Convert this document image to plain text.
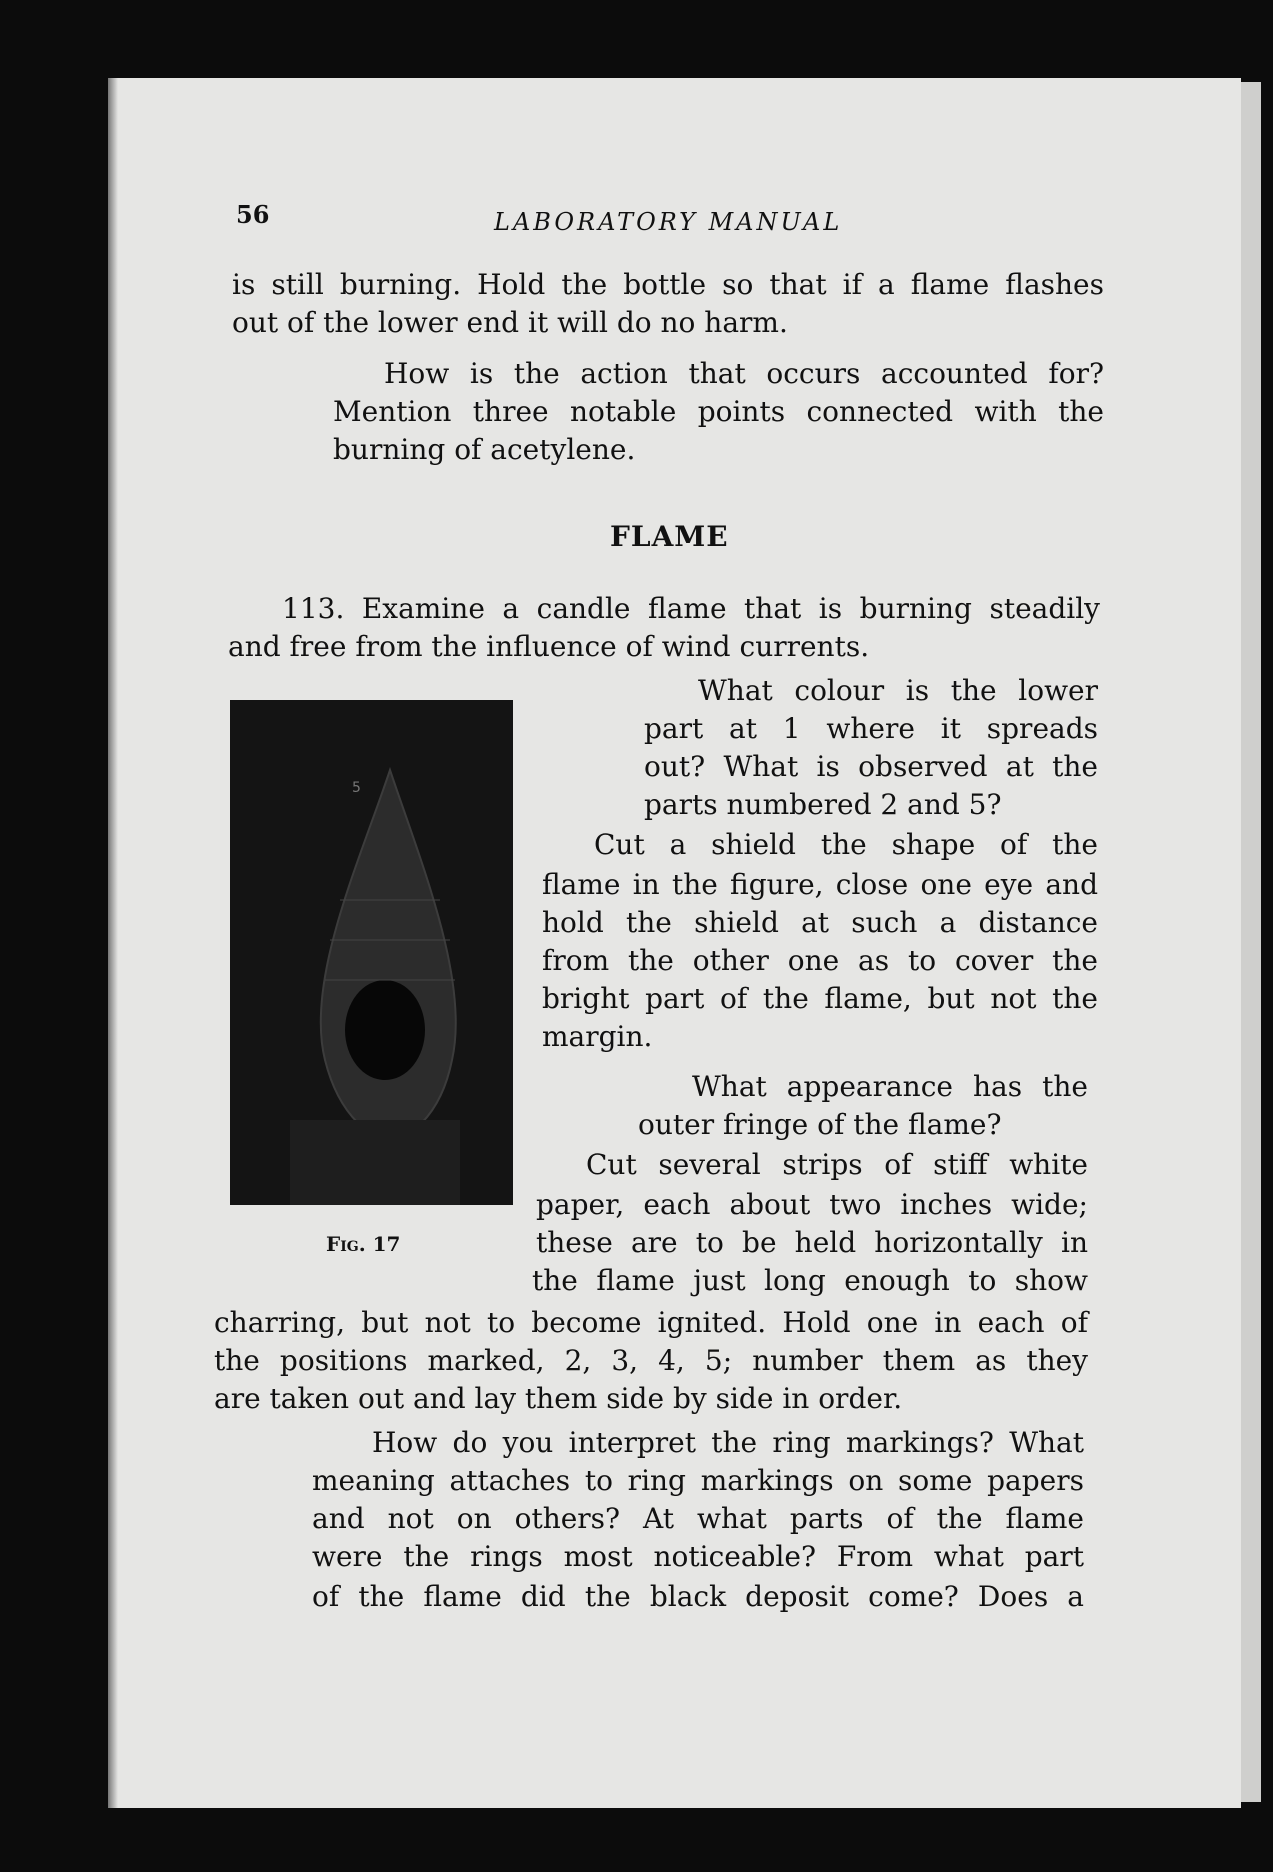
56	LABORATORY MANUAL

is still burning. Hold the bottle so that if a flame flashes

out of the lower end it will do no harm.

How is the action that occurs accounted for?

Mention three notable points connected with the

burning of acetylene.

FLAME

113. Examine a candle flame that is burning steadily

and free from the influence of wind currents.

5
Fig. 17

What colour is the lower

part at 1 where it spreads

out? What is observed at the

parts numbered 2 and 5?

Cut a shield the shape of the

flame in the figure, close one eye and

hold the shield at such a distance

from the other one as to cover the

bright part of the flame, but not the

margin.

What appearance has the

outer fringe of the flame?

Cut several strips of stiff white

paper, each about two inches wide;

these are to be held horizontally in

the flame just long enough to show

charring, but not to become ignited. Hold one in each of

the positions marked, 2, 3, 4, 5; number them as they

are taken out and lay them side by side in order.

How do you interpret the ring markings? What

meaning attaches to ring markings on some papers

and not on others? At what parts of the flame

were the rings most noticeable? From what part

of the flame did the black deposit come? Does a
